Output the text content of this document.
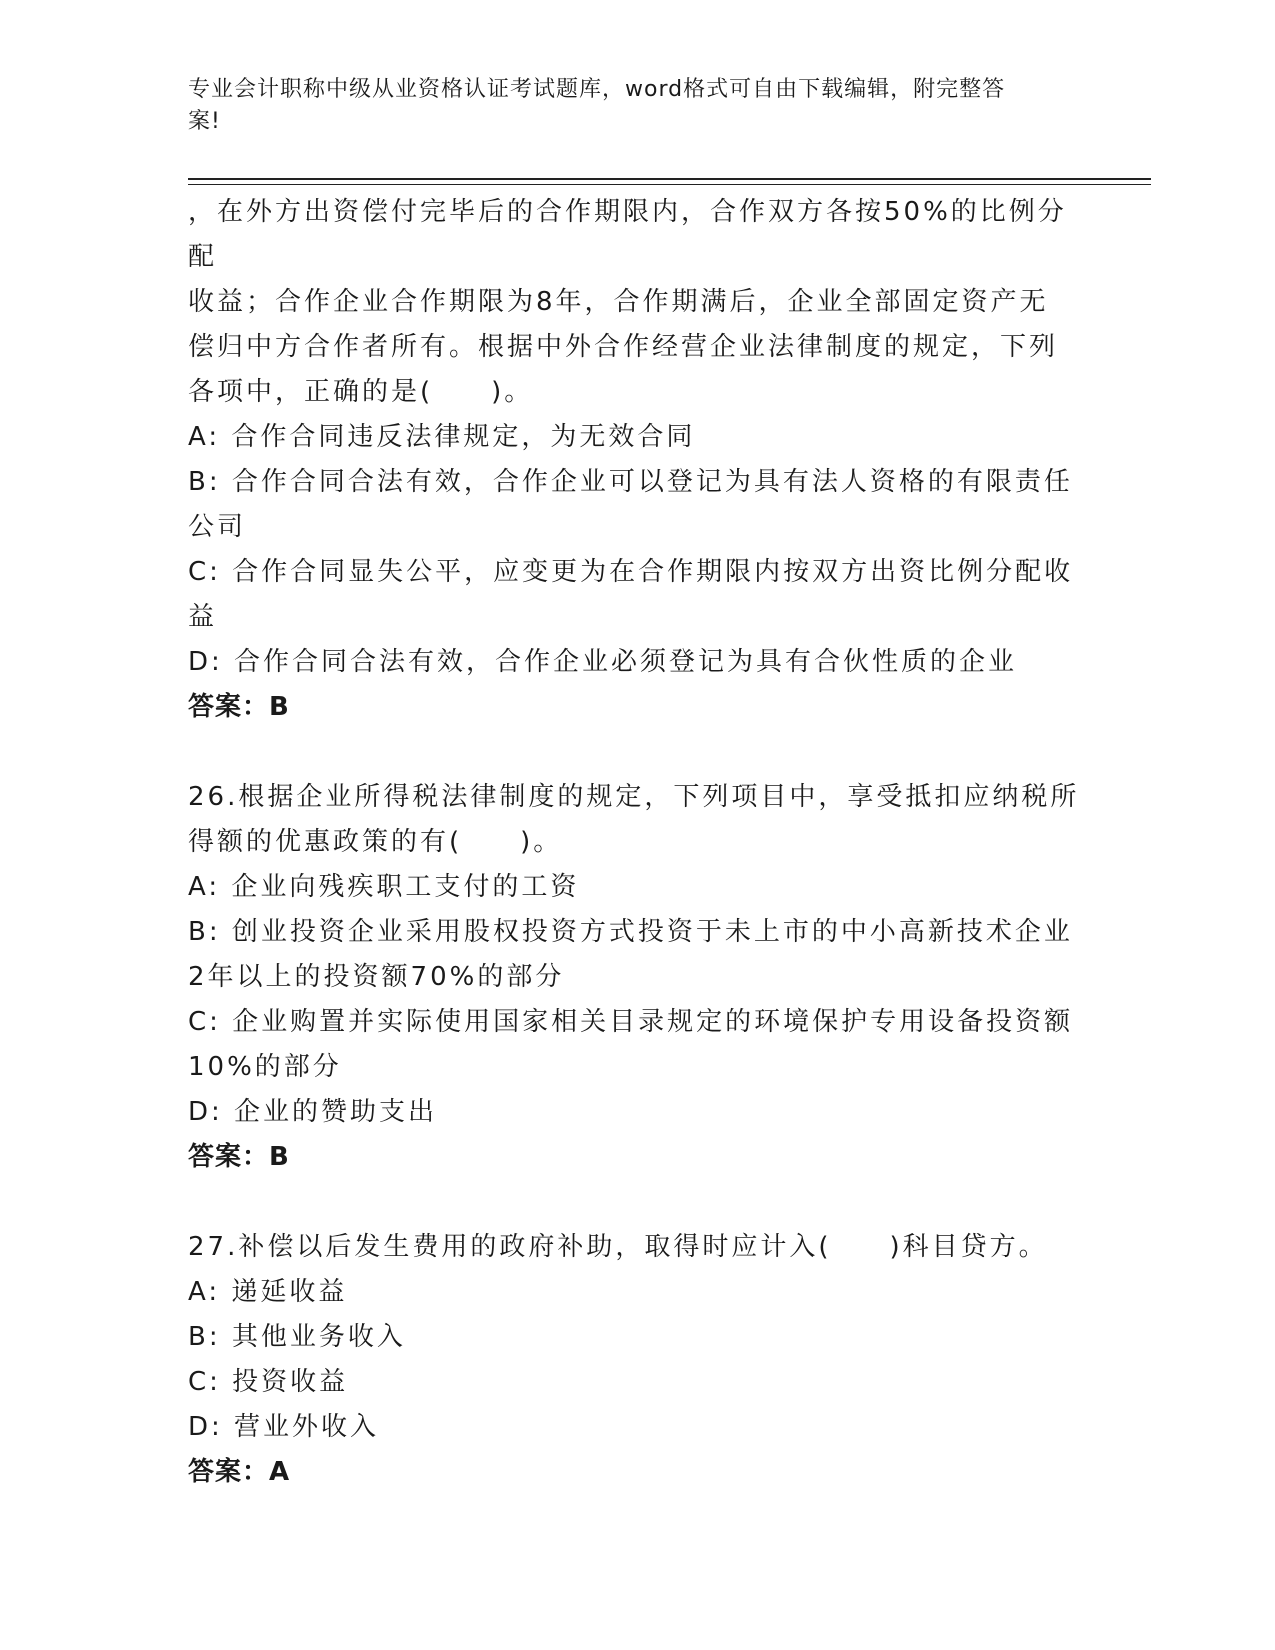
专业会计职称中级从业资格认证考试题库，word格式可自由下载编辑，附完整答

案!

，在外方出资偿付完毕后的合作期限内，合作双方各按50%的比例分配

收益；合作企业合作期限为8年，合作期满后，企业全部固定资产无

偿归中方合作者所有。根据中外合作经营企业法律制度的规定，下列

各项中，正确的是(　　)。

A: 合作合同违反法律规定，为无效合同

B: 合作合同合法有效，合作企业可以登记为具有法人资格的有限责任

公司

C: 合作合同显失公平，应变更为在合作期限内按双方出资比例分配收

益

D: 合作合同合法有效，合作企业必须登记为具有合伙性质的企业

答案：B

26.根据企业所得税法律制度的规定，下列项目中，享受抵扣应纳税所

得额的优惠政策的有(　　)。

A: 企业向残疾职工支付的工资

B: 创业投资企业采用股权投资方式投资于未上市的中小高新技术企业

2年以上的投资额70%的部分

C: 企业购置并实际使用国家相关目录规定的环境保护专用设备投资额

10%的部分

D: 企业的赞助支出

答案：B

27.补偿以后发生费用的政府补助，取得时应计入(　　)科目贷方。

A: 递延收益

B: 其他业务收入

C: 投资收益

D: 营业外收入

答案：A
